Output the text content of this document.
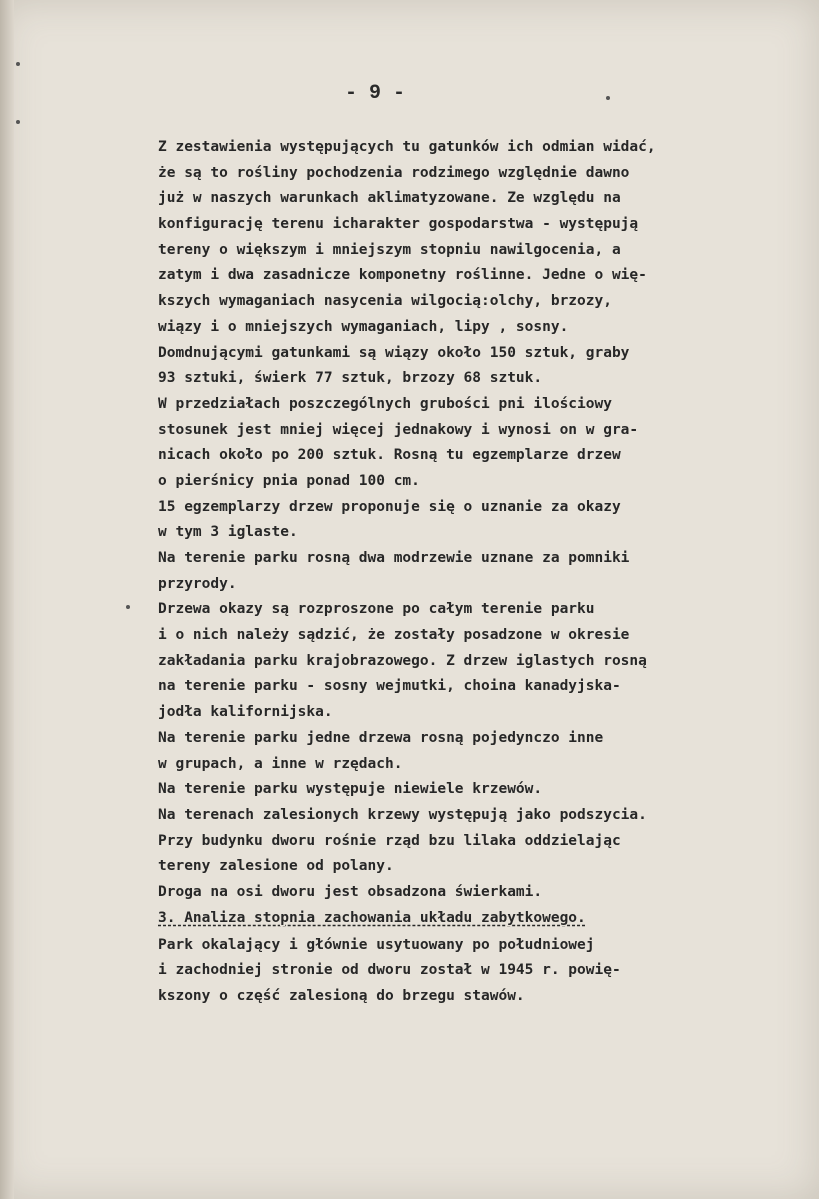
- 9 -
Z zestawienia występujących tu gatunków ich odmian widać,
że są to rośliny pochodzenia rodzimego względnie dawno
już w naszych warunkach aklimatyzowane. Ze względu na
konfigurację terenu icharakter gospodarstwa - występują
tereny o większym i mniejszym stopniu nawilgocenia, a
zatym i dwa zasadnicze komponetny roślinne. Jedne o wię-
kszych wymaganiach nasycenia wilgocią:olchy, brzozy,
wiązy i o mniejszych wymaganiach, lipy , sosny.
Domdnującymi gatunkami są wiązy około 150 sztuk, graby
93 sztuki, świerk 77 sztuk, brzozy 68 sztuk.
W przedziałach poszczególnych grubości pni ilościowy
stosunek jest mniej więcej jednakowy i wynosi on w gra-
nicach około po 200 sztuk. Rosną tu egzemplarze drzew
o pierśnicy pnia ponad 100 cm.
15 egzemplarzy drzew proponuje się o uznanie za okazy
w tym 3 iglaste.
Na terenie parku rosną dwa modrzewie uznane za pomniki
przyrody.
Drzewa okazy są rozproszone po całym terenie parku
i o nich należy sądzić, że zostały posadzone w okresie
zakładania parku krajobrazowego. Z drzew iglastych rosną
na terenie parku - sosny wejmutki, choina kanadyjska-
jodła kalifornijska.
Na terenie parku jedne drzewa rosną pojedynczo inne
w grupach, a inne w rzędach.
Na terenie parku występuje niewiele krzewów.
Na terenach zalesionych krzewy występują jako podszycia.
Przy budynku dworu rośnie rząd bzu lilaka oddzielając
tereny zalesione od polany.
Droga na osi dworu jest obsadzona świerkami.
3. Analiza stopnia zachowania układu zabytkowego.
Park okalający i głównie usytuowany po południowej
i zachodniej stronie od dworu został w 1945 r. powię-
kszony o część zalesioną do brzegu stawów.
